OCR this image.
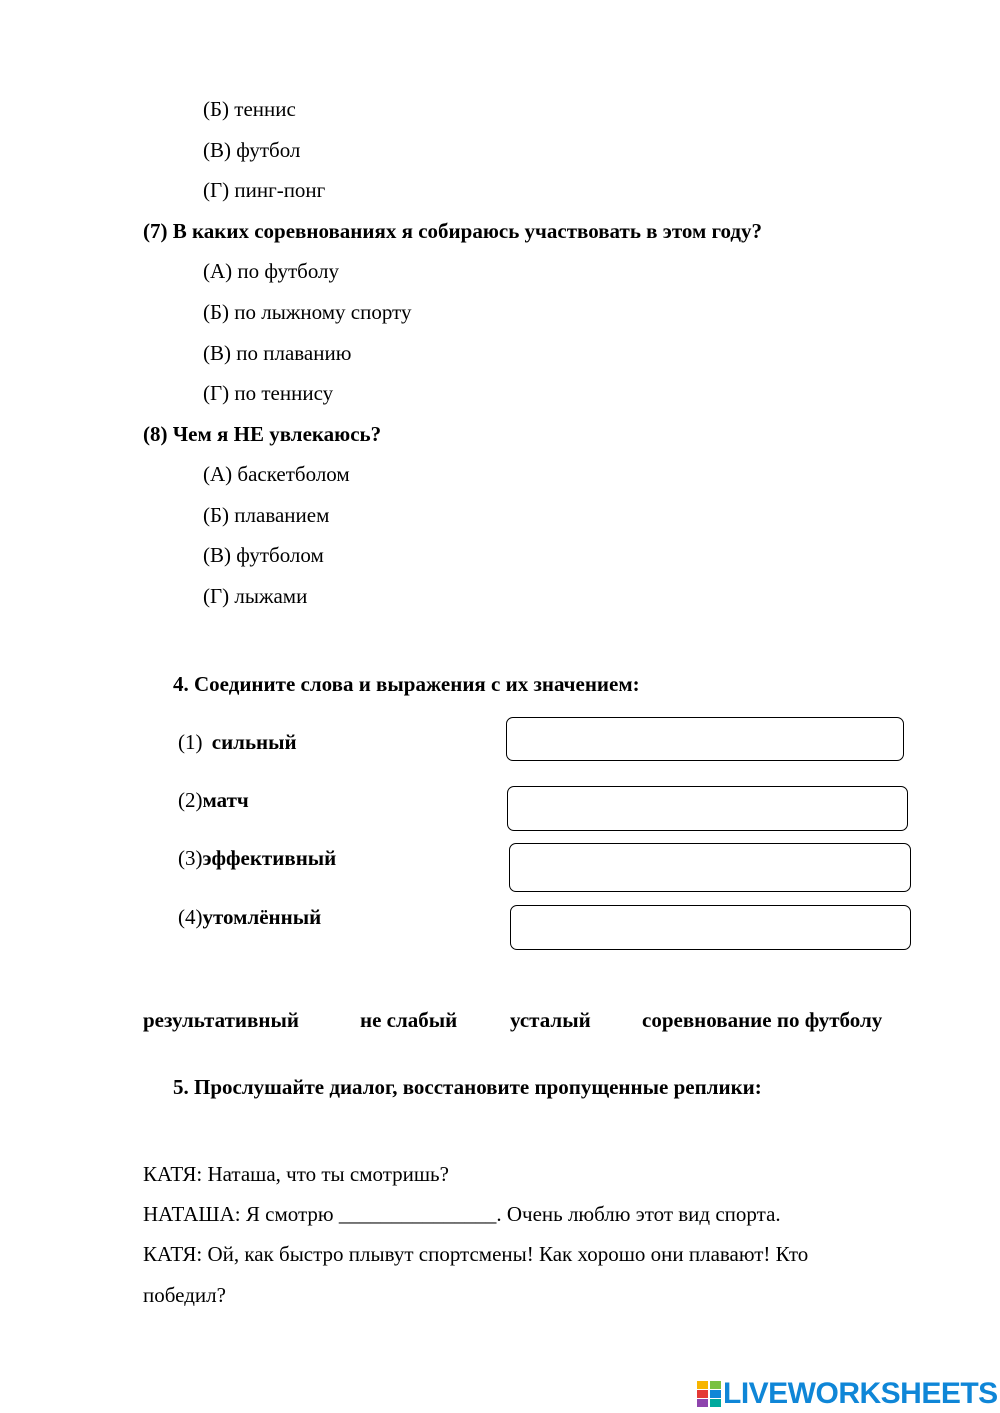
(Б) теннис
(В) футбол
(Г) пинг-понг
(7) В каких соревнованиях я собираюсь участвовать в этом году?
(А) по футболу
(Б) по лыжному спорту
(В) по плаванию
(Г) по теннису
(8) Чем я НЕ увлекаюсь?
(А) баскетболом
(Б) плаванием
(В) футболом
(Г) лыжами
4. Соедините слова и выражения с их значением:
(1) сильный
(2)матч
(3)эффективный
(4)утомлённый
результативный	не слабый	усталый соревнование по футболу
5. Прослушайте диалог, восстановите пропущенные реплики:
КАТЯ: Наташа, что ты смотришь?
НАТАША: Я смотрю _______________. Очень люблю этот вид спорта.
КАТЯ: Ой, как быстро плывут спортсмены! Как хорошо они плавают! Кто
победил?
LIVEWORKSHEETS
